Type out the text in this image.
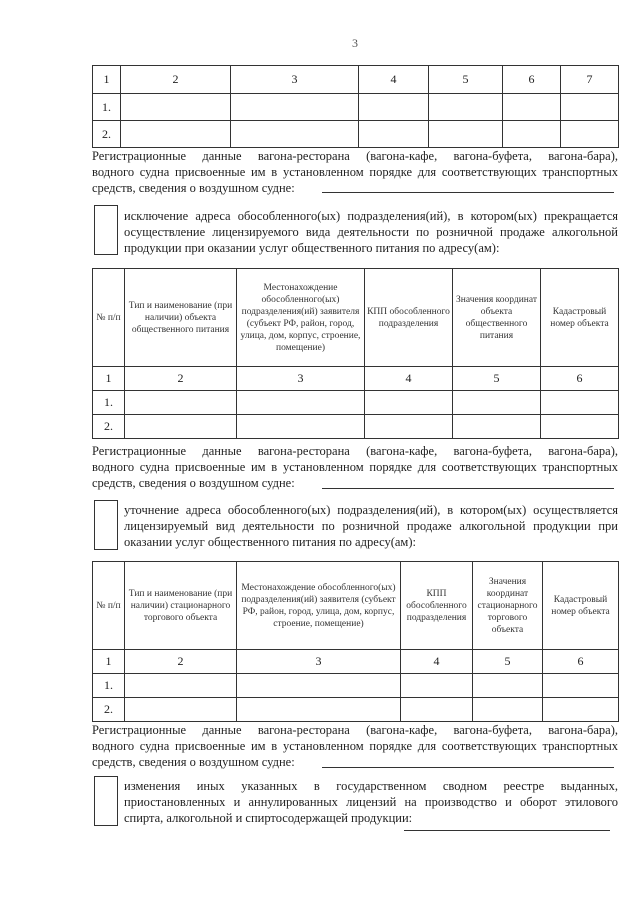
3
1	2	3	4	5	6	7
1.						
2.						
Регистрационные данные вагона-ресторана (вагона-кафе, вагона-буфета, вагона-бара),
водного судна присвоенные им в установленном порядке для соответствующих транспортных
средств, сведения о воздушном судне:
исключение адреса обособленного(ых) подразделения(ий), в котором(ых) прекращается
осуществление лицензируемого вида деятельности по розничной продаже алкогольной
продукции при оказании услуг общественного питания по адресу(ам):
№ п/п	Тип и наименование (при наличии) объекта общественного питания	Местонахождение обособленного(ых) подразделения(ий) заявителя (субъект РФ, район, город, улица, дом, корпус, строение, помещение)	КПП обособленного подразделения	Значения координат объекта общественного питания	Кадастровый номер объекта
1	2	3	4	5	6
1.					
2.					
Регистрационные данные вагона-ресторана (вагона-кафе, вагона-буфета, вагона-бара),
водного судна присвоенные им в установленном порядке для соответствующих транспортных
средств, сведения о воздушном судне:
уточнение адреса обособленного(ых) подразделения(ий), в котором(ых) осуществляется
лицензируемый вид деятельности по розничной продаже алкогольной продукции при
оказании услуг общественного питания по адресу(ам):
№ п/п	Тип и наименование (при наличии) стационарного торгового объекта	Местонахождение обособленного(ых) подразделения(ий) заявителя (субъект РФ, район, город, улица, дом, корпус, строение, помещение)	КПП обособленного подразделения	Значения координат стационарного торгового объекта	Кадастровый номер объекта
1	2	3	4	5	6
1.					
2.					
Регистрационные данные вагона-ресторана (вагона-кафе, вагона-буфета, вагона-бара),
водного судна присвоенные им в установленном порядке для соответствующих транспортных
средств, сведения о воздушном судне:
изменения иных указанных в государственном сводном реестре выданных,
приостановленных и аннулированных лицензий на производство и оборот этилового
спирта, алкогольной и спиртосодержащей продукции:
